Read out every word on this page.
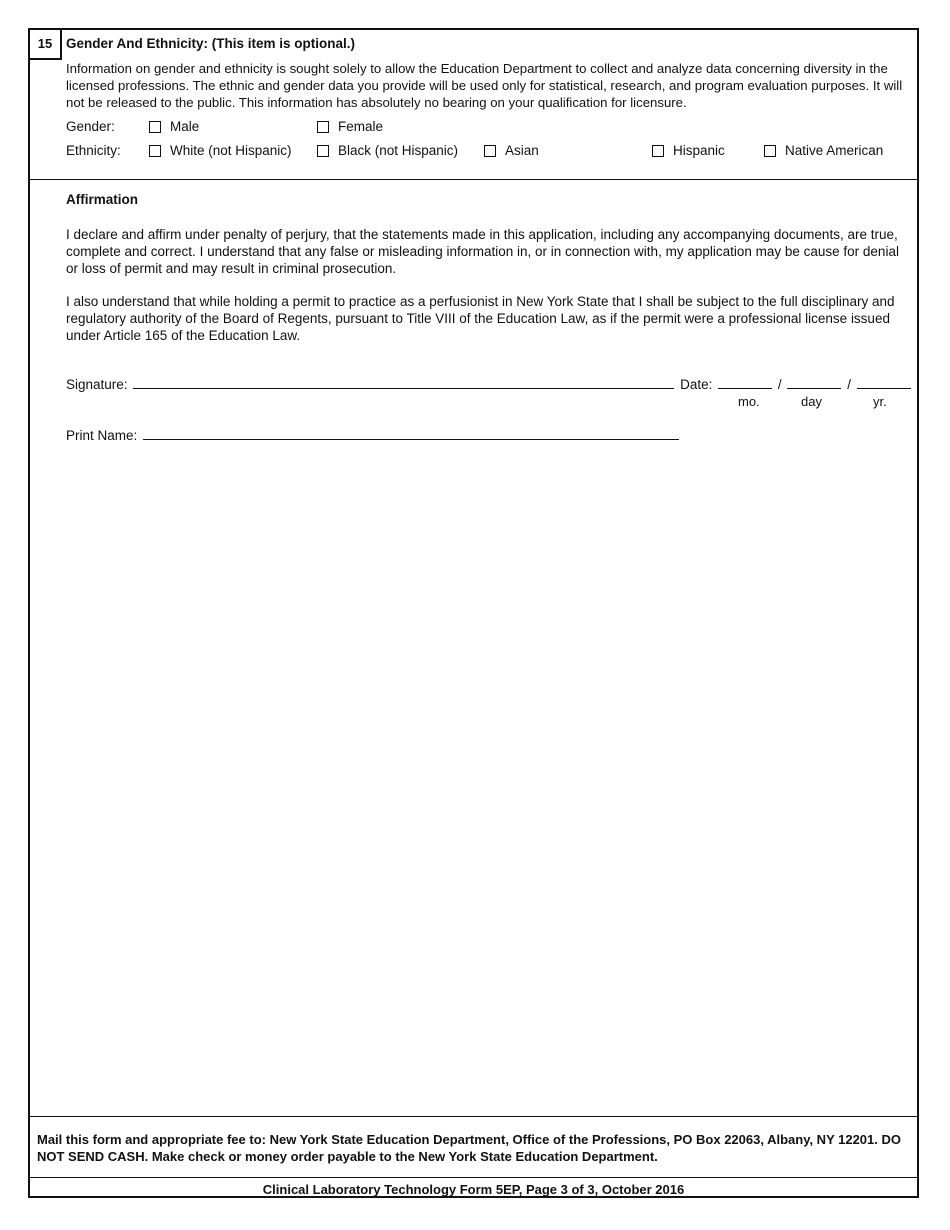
15	Gender And Ethnicity: (This item is optional.)
Information on gender and ethnicity is sought solely to allow the Education Department to collect and analyze data concerning diversity in the licensed professions. The ethnic and gender data you provide will be used only for statistical, research, and program evaluation purposes. It will not be released to the public. This information has absolutely no bearing on your qualification for licensure.
Gender:	Male	Female
Ethnicity:	White (not Hispanic)	Black (not Hispanic)	Asian	Hispanic	Native American
Affirmation
I declare and affirm under penalty of perjury, that the statements made in this application, including any accompanying documents, are true, complete and correct. I understand that any false or misleading information in, or in connection with, my application may be cause for denial or loss of permit and may result in criminal prosecution.
I also understand that while holding a permit to practice as a perfusionist in New York State that I shall be subject to the full disciplinary and regulatory authority of the Board of Regents, pursuant to Title VIII of the Education Law, as if the permit were a professional license issued under Article 165 of the Education Law.
Signature:	Date:	/	/
mo.	day	yr.
Print Name:
Mail this form and appropriate fee to: New York State Education Department, Office of the Professions, PO Box 22063, Albany, NY 12201. DO NOT SEND CASH. Make check or money order payable to the New York State Education Department.
Clinical Laboratory Technology Form 5EP, Page 3 of 3, October 2016
